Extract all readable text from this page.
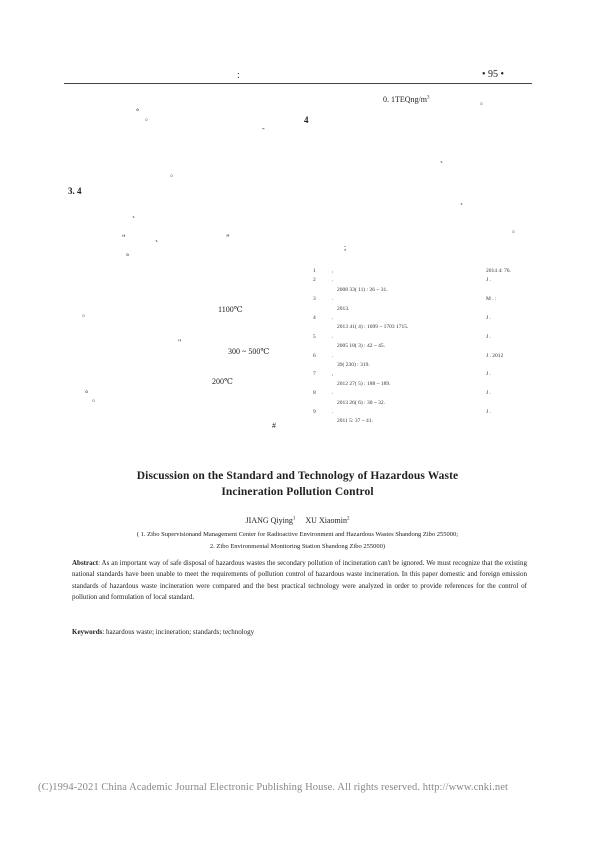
:	• 95 •
0. $1TEQng/m^3$	。
4
°
。
-
、
。
3. 4
、
、
。
“	、	”
;
°
1100℃
。
"
300 ~ 500℃
200℃
°
。
#
1	,	2014 4: 76.
2	.	J .
2008 33( 11) : 26 ~ 31.
3	.	M . :
2013.
4	.	J .
2013 41( 4) : 1699 ~ 1703 1715.
5	.	J .
2005 18( 3) : 42 ~ 45.
6	.	J . 2012
39( 230) : 319.
7	,	J .
2012 27( 5) : 188 ~ 189.
8	.	J .
2013 26( 6) : 30 ~ 32.
9	.	J .
2011 5: 37 ~ 41.
Discussion on the Standard and Technology of Hazardous Waste
Incineration Pollution Control
JIANG Qiying$^1$ XU Xiaomin$^2$
( 1. Zibo Supervisionand Management Center for Radioactive Environment and Hazardous Wastes Shandong Zibo 255000;
2. Zibo Environmental Monitoring Station Shandong Zibo 255000)
Abstract: As an important way of safe disposal of hazardous wastes the secondary pollution of incineration can't be ignored. We must recognize that the existing national standards have been unable to meet the requirements of pollution control of hazardous waste incineration. In this paper domestic and foreign emission standards of hazardous waste incineration were compared and the best practical technology were analyzed in order to provide references for the control of pollution and formulation of local standard.
Keywords: hazardous waste; incineration; standards; technology
(C)1994-2021 China Academic Journal Electronic Publishing House. All rights reserved. http://www.cnki.net
